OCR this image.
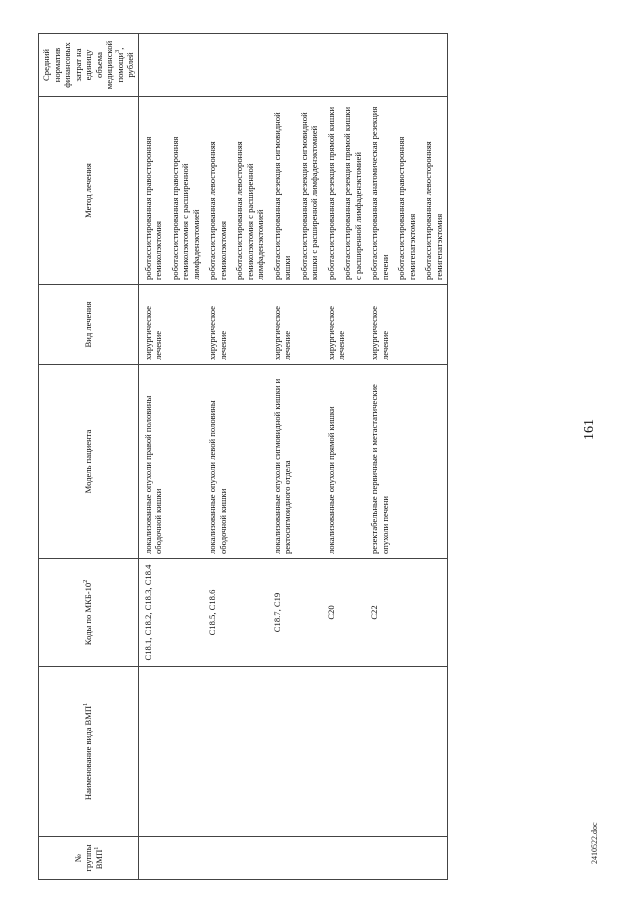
№ группы ВМП$^1$	Наименование вида ВМП$^1$	Коды по МКБ-$10^2$	Модель пациента	Вид лечения	Метод лечения	Средний норматив финансовых затрат на единицу объема медицинской помощи$^3$, рублей
		C18.1, C18.2, C18.3, C18.4	локализованные опухоли правой половины ободочной кишки	хирургическое лечение	роботассистированная правосторонняя гемиколэктомия роботассистированная правосторонняя гемиколэктомия с расширенной лимфаденэктомией	

		C18.5, C18.6	локализованные опухоли левой половины ободочной кишки	хирургическое лечение	роботассистированная левосторонняя гемиколэктомия роботассистированная левосторонняя гемиколэктомия с расширенной лимфаденэктомией	

		C18.7, C19	локализованные опухоли сигмовидной кишки и ректосигмоидного отдела	хирургическое лечение	роботассистированная резекция сигмовидной кишки роботассистированная резекция сигмовидной кишки с расширенной лимфаденэктомией	

		C20	локализованные опухоли прямой кишки	хирургическое лечение	роботассистированная резекция прямой кишки роботассистированная резекция прямой кишки с расширенной лимфаденэктомией	

		C22	резектабельные первичные и метастатические опухоли печени	хирургическое лечение	роботассистированная анатомическая резекция печени роботассистированная правосторонняя гемигепатэктомия роботассистированная левосторонняя гемигепатэктомия	

161
2410522.doc
